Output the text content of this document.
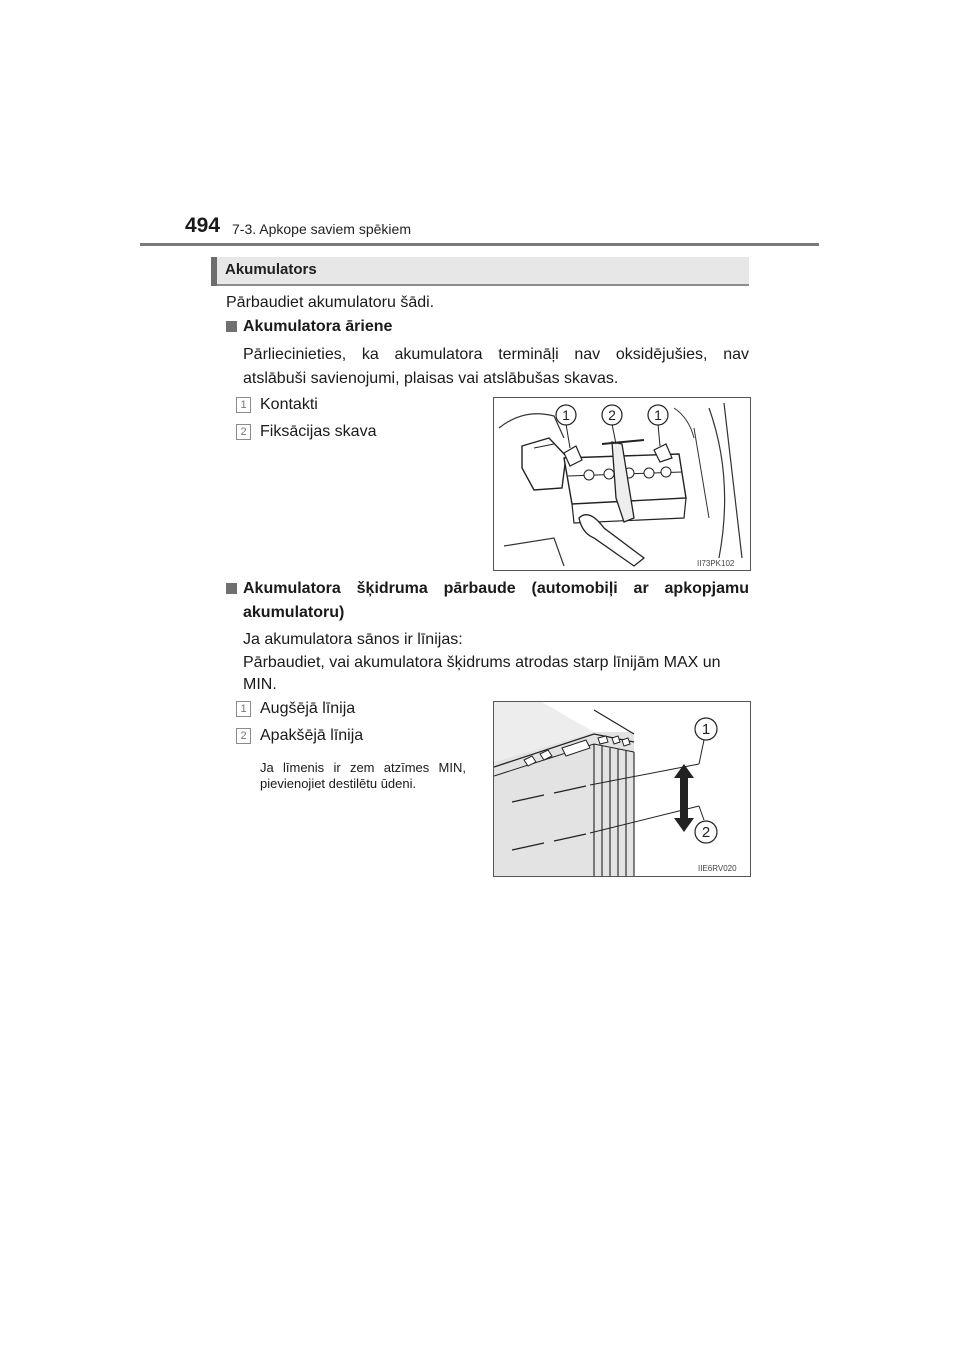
494 7-3. Apkope saviem spēkiem
Akumulators
Pārbaudiet akumulatoru šādi.
Akumulatora āriene
Pārliecinieties, ka akumulatora termināļi nav oksidējušies, nav
atslābuši savienojumi, plaisas vai atslābušas skavas.
1 Kontakti
2 Fiksācijas skava
1	2	1
II73PK102
Akumulatora šķidruma pārbaude (automobiļi ar apkopjamu
akumulatoru)
Ja akumulatora sānos ir līnijas:
Pārbaudiet, vai akumulatora šķidrums atrodas starp līnijām MAX un
MIN.
1 Augšējā līnija
2 Apakšējā līnija
Ja līmenis ir zem atzīmes MIN,
pievienojiet destilētu ūdeni.
1
2
IIE6RV020
